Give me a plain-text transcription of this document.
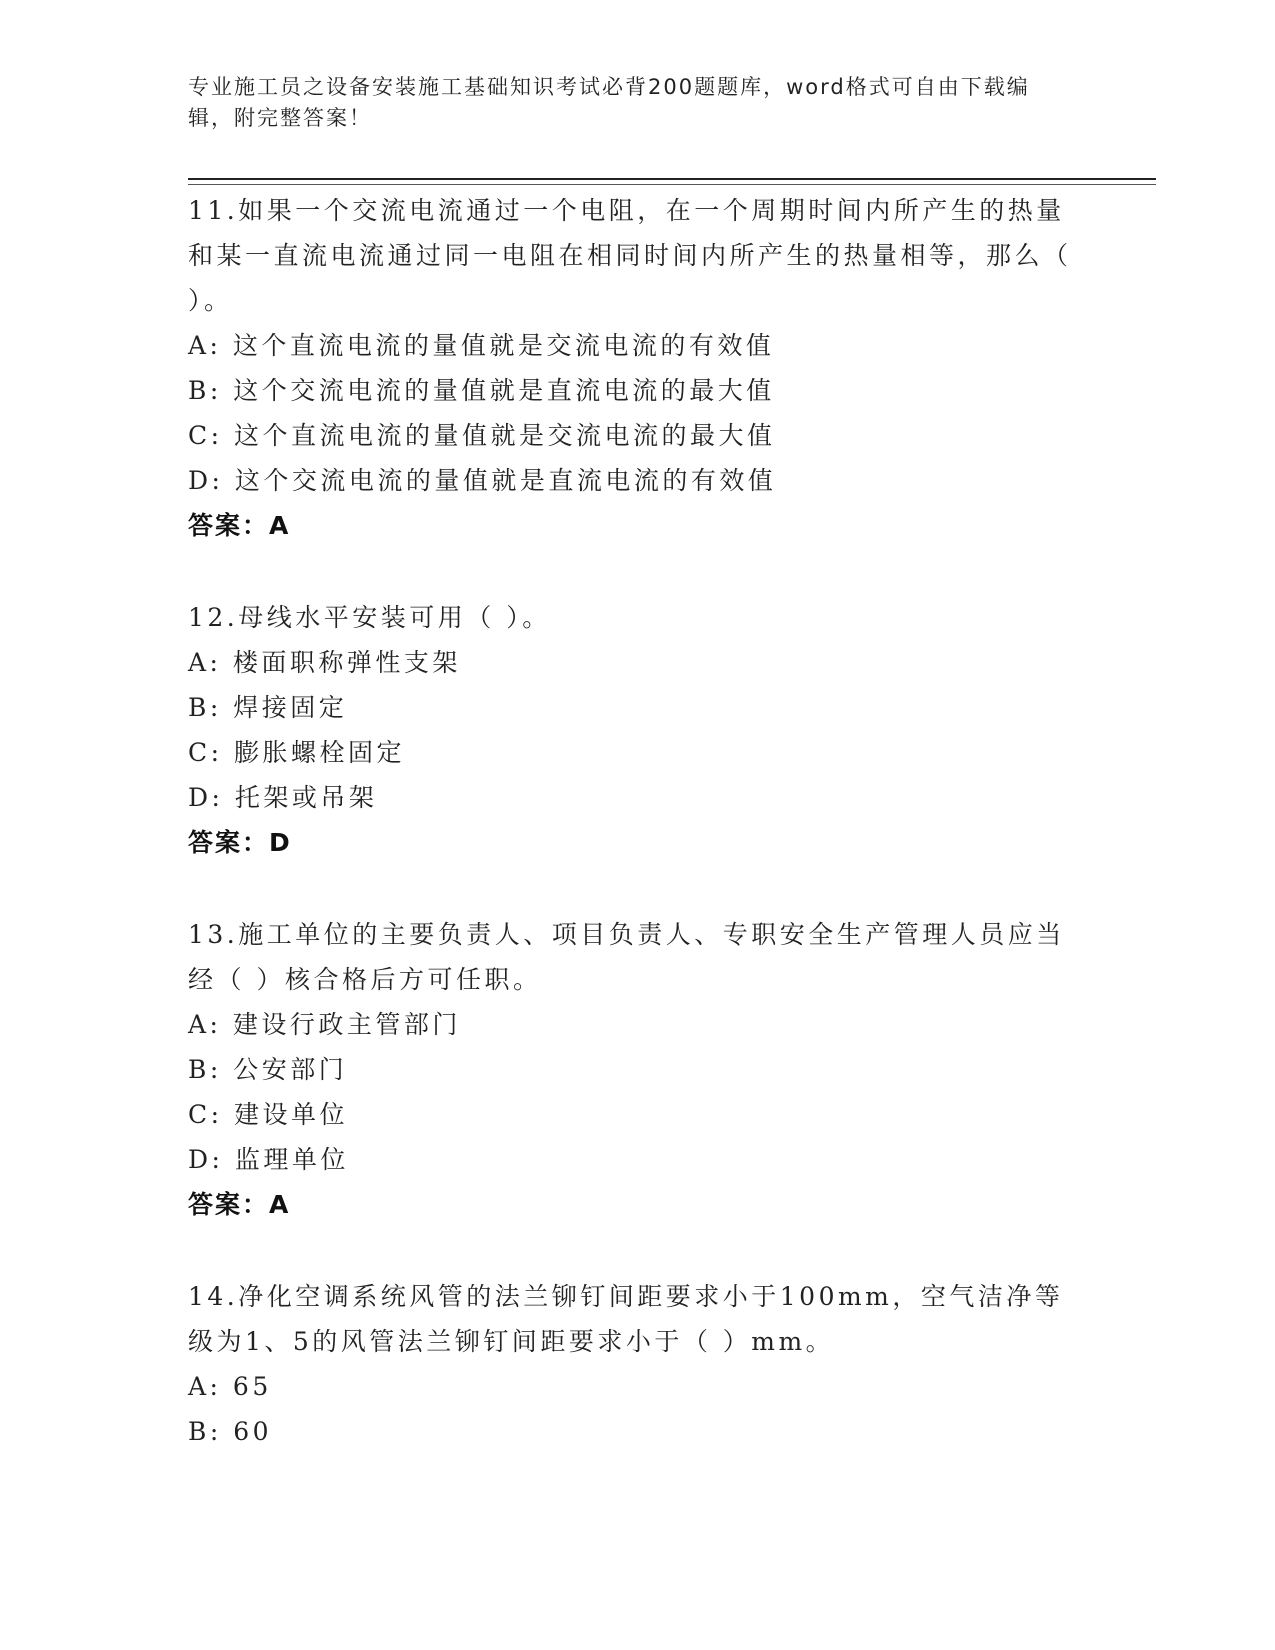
专业施工员之设备安装施工基础知识考试必背200题题库，word格式可自由下载编辑，附完整答案！
11.如果一个交流电流通过一个电阻，在一个周期时间内所产生的热量和某一直流电流通过同一电阻在相同时间内所产生的热量相等，那么（ ）。
A: 这个直流电流的量值就是交流电流的有效值
B: 这个交流电流的量值就是直流电流的最大值
C: 这个直流电流的量值就是交流电流的最大值
D: 这个交流电流的量值就是直流电流的有效值
答案：A
12.母线水平安装可用（ ）。
A: 楼面职称弹性支架
B: 焊接固定
C: 膨胀螺栓固定
D: 托架或吊架
答案：D
13.施工单位的主要负责人、项目负责人、专职安全生产管理人员应当经（ ）核合格后方可任职。
A: 建设行政主管部门
B: 公安部门
C: 建设单位
D: 监理单位
答案：A
14.净化空调系统风管的法兰铆钉间距要求小于100mm，空气洁净等级为1、5的风管法兰铆钉间距要求小于（ ）mm。
A: 65
B: 60
